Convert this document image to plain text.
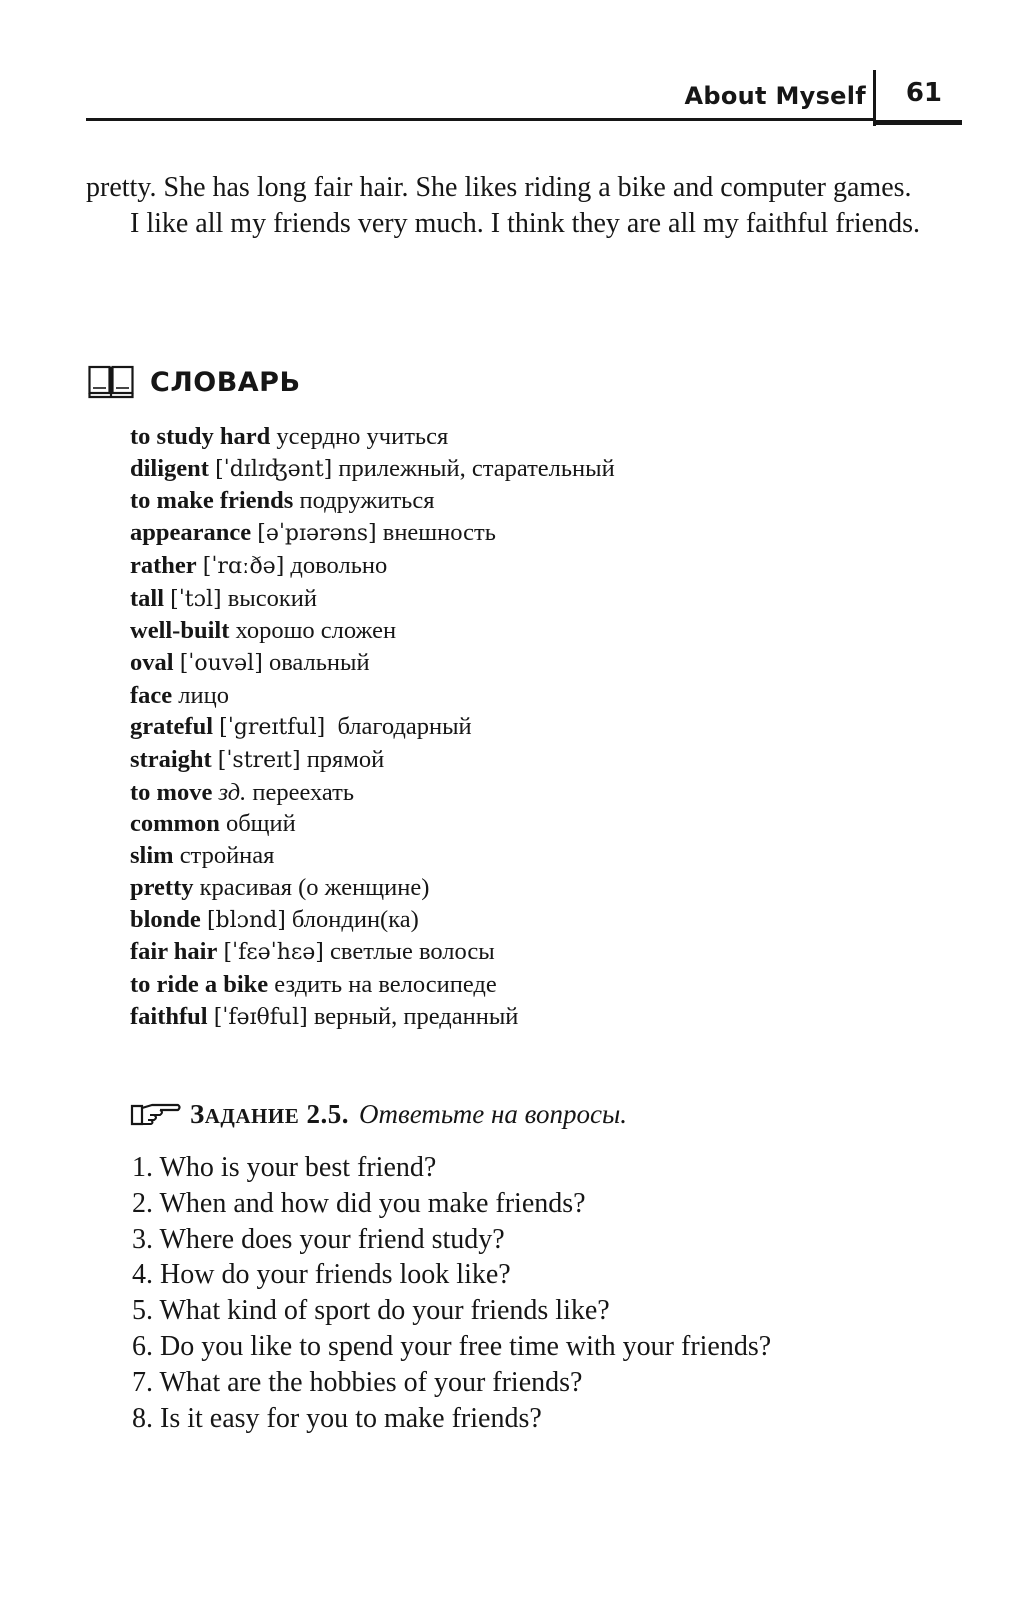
About Myself 61

pretty. She has long fair hair. She likes riding a bike and computer games.

I like all my friends very much. I think they are all my faithful friends.

СЛОВАРЬ
to study hard усердно учиться
diligent [ˈdɪlɪʤənt] прилежный, старательный
to make friends подружиться
appearance [əˈpɪərəns] внешность
rather [ˈrɑːðə] довольно
tall [ˈtɔl] высокий
well-built хорошо сложен
oval [ˈouvəl] овальный
face лицо
grateful [ˈgreɪtful] благодарный
straight [ˈstreɪt] прямой
to move зд. переехать
common общий
slim стройная
pretty красивая (о женщине)
blonde [blɔnd] блондин(ка)
fair hair [ˈfɛəˈhɛə] светлые волосы
to ride a bike ездить на велосипеде
faithful [ˈfəɪθful] верный, преданный
ЗАДАНИЕ 2.5. Ответьте на вопросы.
1. Who is your best friend?
2. When and how did you make friends?
3. Where does your friend study?
4. How do your friends look like?
5. What kind of sport do your friends like?
6. Do you like to spend your free time with your friends?
7. What are the hobbies of your friends?
8. Is it easy for you to make friends?
